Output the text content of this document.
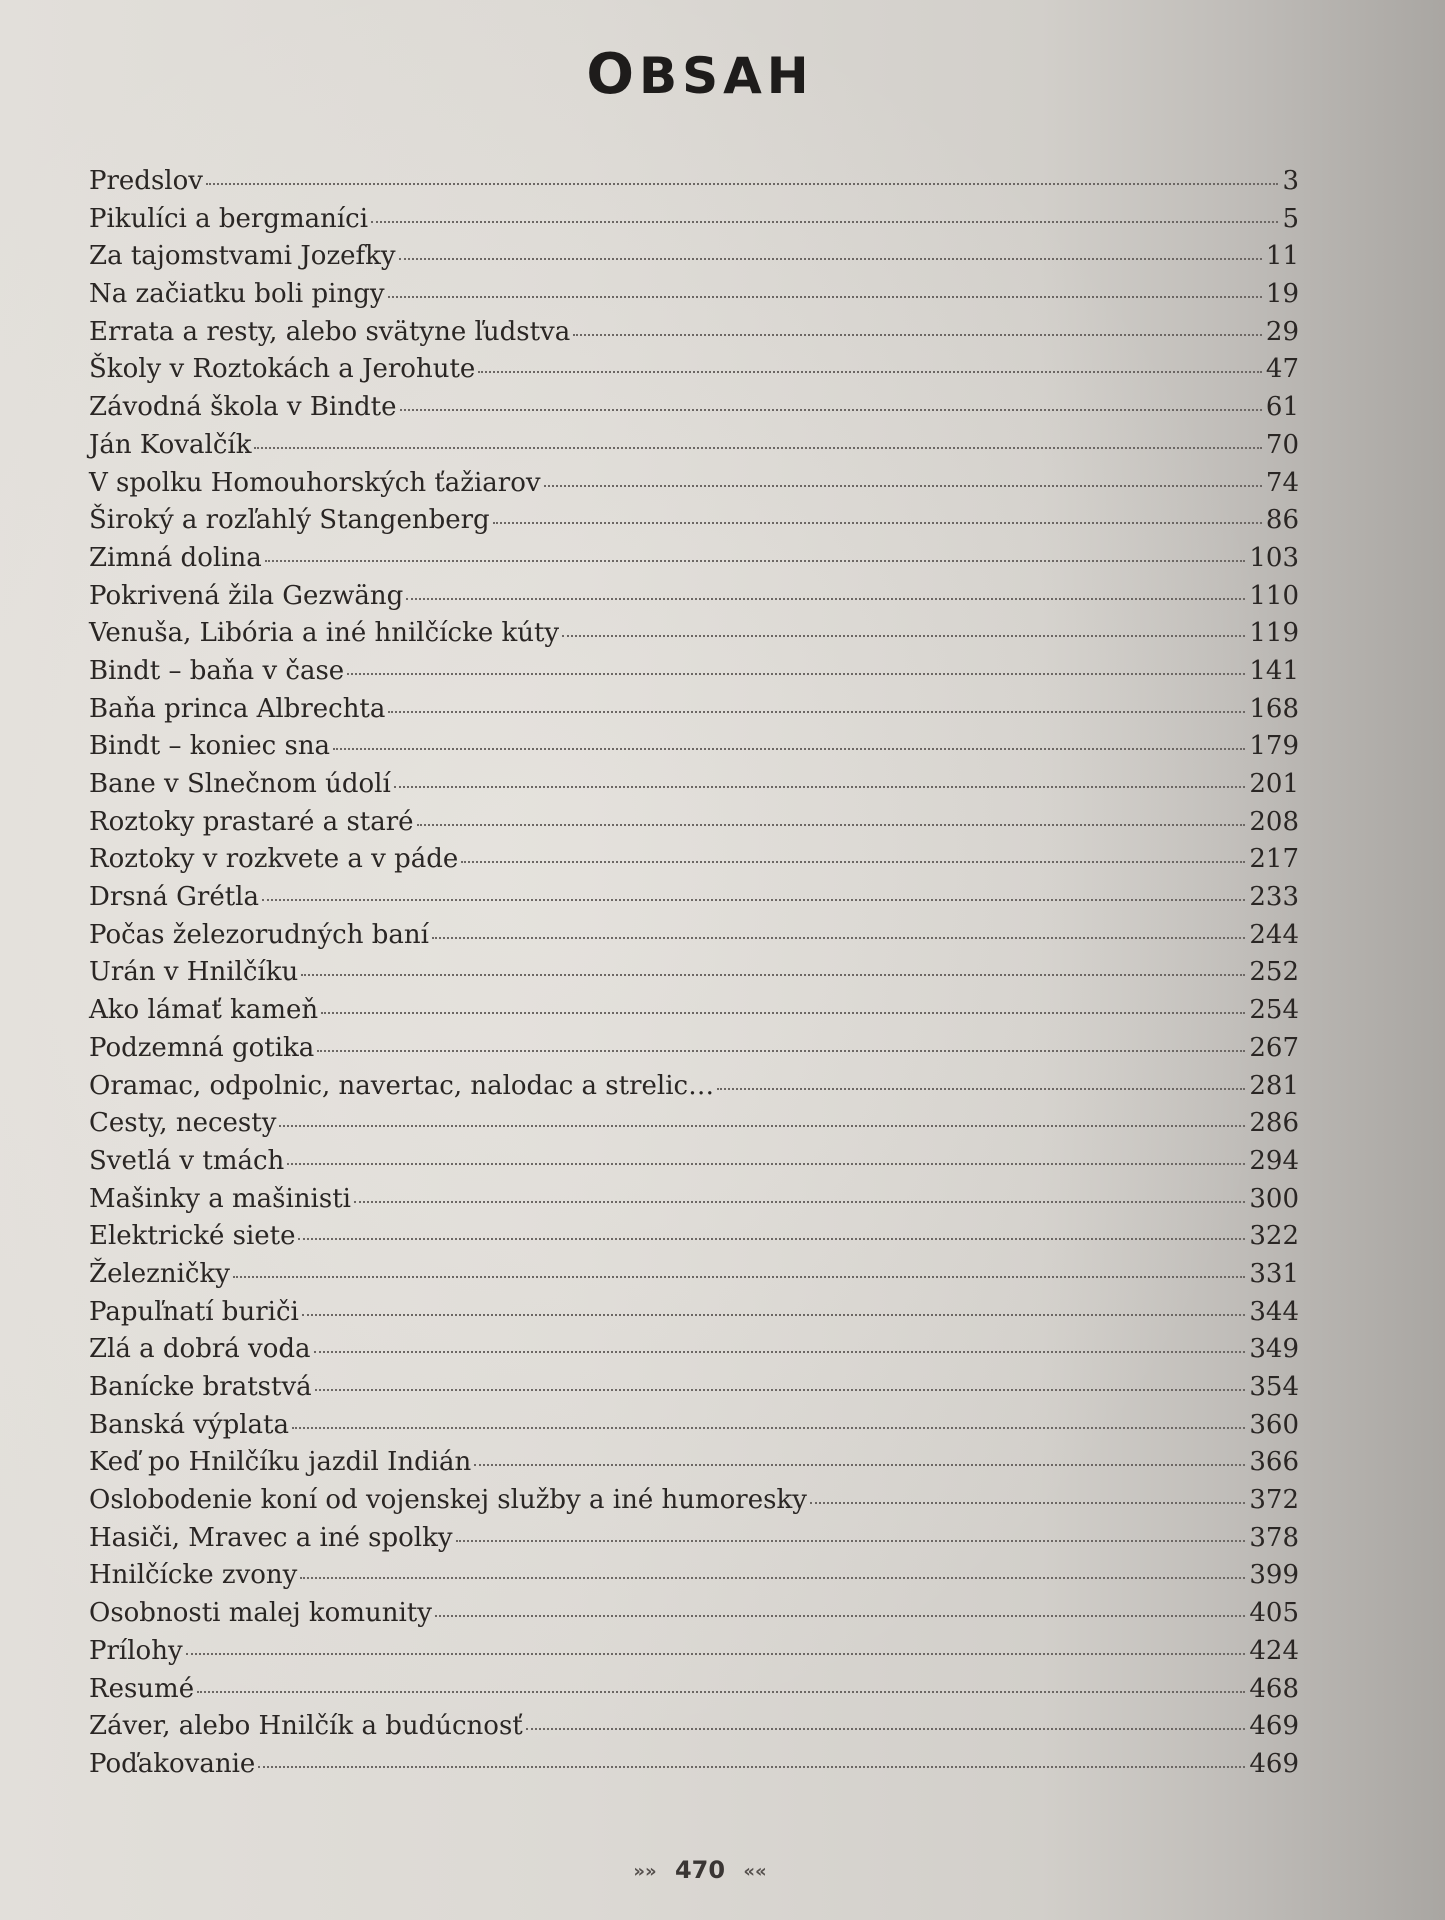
OBSAH
Predslov	3
Pikulíci a bergmaníci	5
Za tajomstvami Jozefky	11
Na začiatku boli pingy	19
Errata a resty, alebo svätyne ľudstva	29
Školy v Roztokách a Jerohute	47
Závodná škola v Bindte	61
Ján Kovalčík	70
V spolku Homouhorských ťažiarov	74
Široký a rozľahlý Stangenberg	86
Zimná dolina	103
Pokrivená žila Gezwäng	110
Venuša, Libória a iné hnilčícke kúty	119
Bindt – baňa v čase	141
Baňa princa Albrechta	168
Bindt – koniec sna	179
Bane v Slnečnom údolí	201
Roztoky prastaré a staré	208
Roztoky v rozkvete a v páde	217
Drsná Grétla	233
Počas železorudných baní	244
Urán v Hnilčíku	252
Ako lámať kameň	254
Podzemná gotika	267
Oramac, odpolnic, navertac, nalodac a strelic…	281
Cesty, necesty	286
Svetlá v tmách	294
Mašinky a mašinisti	300
Elektrické siete	322
Železničky	331
Papuľnatí buriči	344
Zlá a dobrá voda	349
Banícke bratstvá	354
Banská výplata	360
Keď po Hnilčíku jazdil Indián	366
Oslobodenie koní od vojenskej služby a iné humoresky	372
Hasiči, Mravec a iné spolky	378
Hnilčícke zvony	399
Osobnosti malej komunity	405
Prílohy	424
Resumé	468
Záver, alebo Hnilčík a budúcnosť	469
Poďakovanie	469
»» 470 ««
